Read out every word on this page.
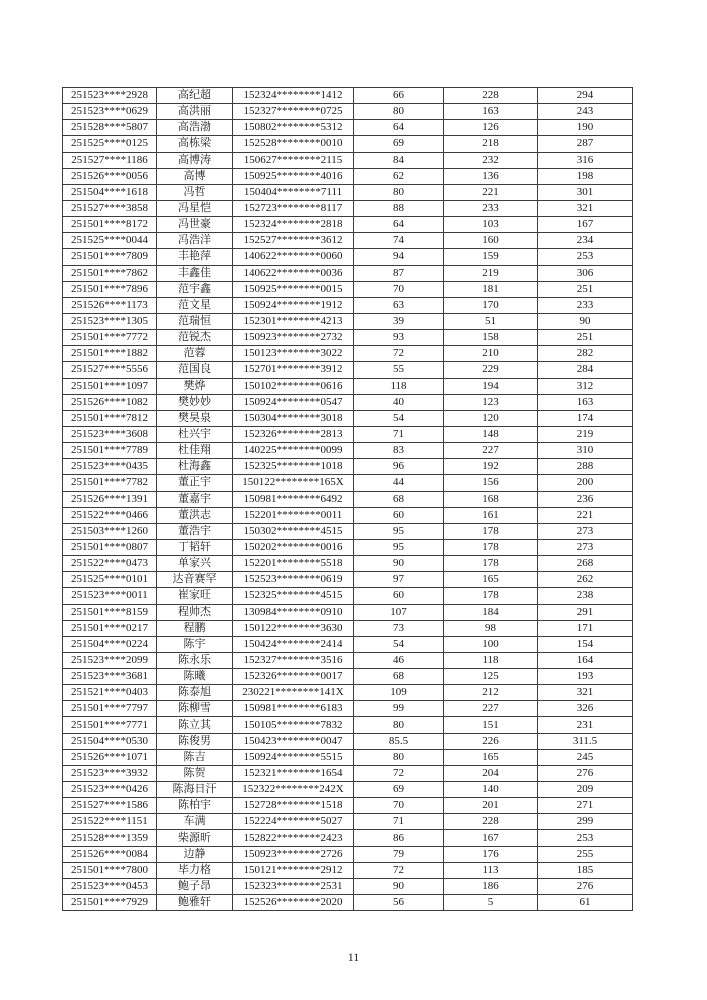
251523****2928	高纪超	152324********1412	66	228	294
251523****0629	高洪丽	152327********0725	80	163	243
251528****5807	高浩渤	150802********5312	64	126	190
251525****0125	高栋梁	152528********0010	69	218	287
251527****1186	高博涛	150627********2115	84	232	316
251526****0056	高博	150925********4016	62	136	198
251504****1618	冯哲	150404********7111	80	221	301
251527****3858	冯星恺	152723********8117	88	233	321
251501****8172	冯世豪	152324********2818	64	103	167
251525****0044	冯浩洋	152527********3612	74	160	234
251501****7809	丰艳萍	140622********0060	94	159	253
251501****7862	丰鑫佳	140622********0036	87	219	306
251501****7896	范宇鑫	150925********0015	70	181	251
251526****1173	范文星	150924********1912	63	170	233
251523****1305	范瑞恒	152301********4213	39	51	90
251501****7772	范锐杰	150923********2732	93	158	251
251501****1882	范蓉	150123********3022	72	210	282
251527****5556	范国良	152701********3912	55	229	284
251501****1097	樊烨	150102********0616	118	194	312
251526****1082	樊妙妙	150924********0547	40	123	163
251501****7812	樊昊泉	150304********3018	54	120	174
251523****3608	杜兴宇	152326********2813	71	148	219
251501****7789	杜佳翔	140225********0099	83	227	310
251523****0435	杜海鑫	152325********1018	96	192	288
251501****7782	董正宇	150122********165X	44	156	200
251526****1391	董嘉宇	150981********6492	68	168	236
251522****0466	董洪志	152201********0011	60	161	221
251503****1260	董浩宇	150302********4515	95	178	273
251501****0807	丁韬轩	150202********0016	95	178	273
251522****0473	单家兴	152201********5518	90	178	268
251525****0101	达音赛罕	152523********0619	97	165	262
251523****0011	崔家旺	152325********4515	60	178	238
251501****8159	程帅杰	130984********0910	107	184	291
251501****0217	程鹏	150122********3630	73	98	171
251504****0224	陈宇	150424********2414	54	100	154
251523****2099	陈永乐	152327********3516	46	118	164
251523****3681	陈曦	152326********0017	68	125	193
251521****0403	陈泰旭	230221********141X	109	212	321
251501****7797	陈柳雪	150981********6183	99	227	326
251501****7771	陈立其	150105********7832	80	151	231
251504****0530	陈俊男	150423********0047	85.5	226	311.5
251526****1071	陈吉	150924********5515	80	165	245
251523****3932	陈贺	152321********1654	72	204	276
251523****0426	陈海日汗	152322********242X	69	140	209
251527****1586	陈柏宇	152728********1518	70	201	271
251522****1151	车满	152224********5027	71	228	299
251528****1359	柴源昕	152822********2423	86	167	253
251526****0084	边静	150923********2726	79	176	255
251501****7800	毕力格	150121********2912	72	113	185
251523****0453	鲍子昂	152323********2531	90	186	276
251501****7929	鲍雅轩	152526********2020	56	5	61
11
